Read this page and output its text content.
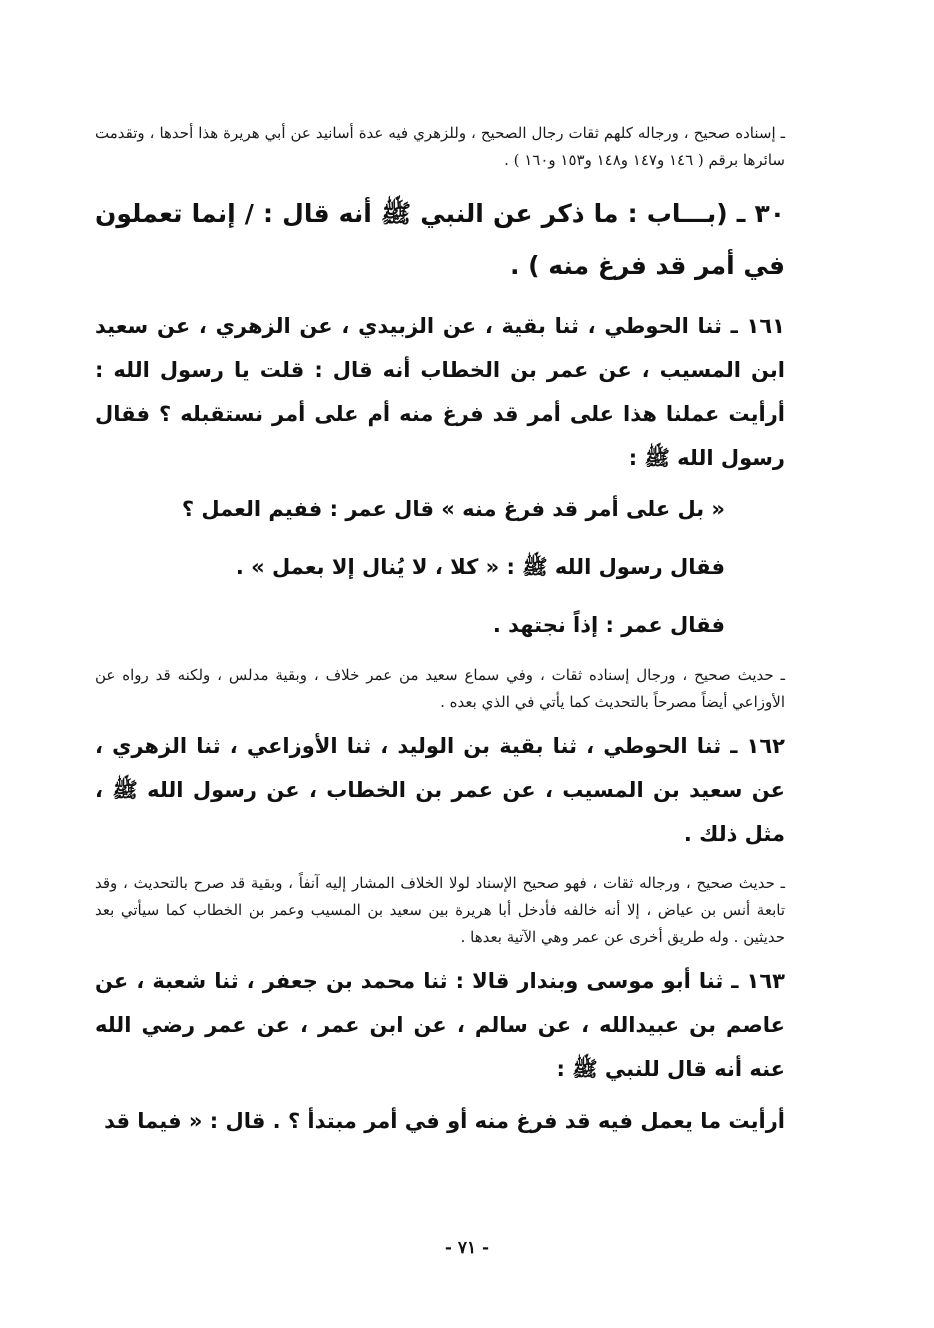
ـ إسناده صحيح ، ورجاله كلهم ثقات رجال الصحيح ، وللزهري فيه عدة أسانيد عن أبي هريرة هذا أحدها ، وتقدمت سائرها برقم ( ١٤٦ و١٤٧ و١٤٨ و١٥٣ و١٦٠ ) .

٣٠ ـ (بـــاب : ما ذكر عن النبي ﷺ أنه قال : / إنما تعملون في أمر قد فرغ منه ) .

١٦١ ـ ثنا الحوطي ، ثنا بقية ، عن الزبيدي ، عن الزهري ، عن سعيد ابن المسيب ، عن عمر بن الخطاب أنه قال : قلت يا رسول الله : أرأيت عملنا هذا على أمر قد فرغ منه أم على أمر نستقبله ؟ فقال رسول الله ﷺ :

« بل على أمر قد فرغ منه » قال عمر : ففيم العمل ؟

فقال رسول الله ﷺ : « كلا ، لا يُنال إلا بعمل » .

فقال عمر : إذاً نجتهد .

ـ حديث صحيح ، ورجال إسناده ثقات ، وفي سماع سعيد من عمر خلاف ، وبقية مدلس ، ولكنه قد رواه عن الأوزاعي أيضاً مصرحاً بالتحديث كما يأتي في الذي بعده .

١٦٢ ـ ثنا الحوطي ، ثنا بقية بن الوليد ، ثنا الأوزاعي ، ثنا الزهري ، عن سعيد بن المسيب ، عن عمر بن الخطاب ، عن رسول الله ﷺ ، مثل ذلك .

ـ حديث صحيح ، ورجاله ثقات ، فهو صحيح الإسناد لولا الخلاف المشار إليه آنفاً ، وبقية قد صرح بالتحديث ، وقد تابعة أنس بن عياض ، إلا أنه خالفه فأدخل أبا هريرة بين سعيد بن المسيب وعمر بن الخطاب كما سيأتي بعد حديثين . وله طريق أخرى عن عمر وهي الآتية بعدها .

١٦٣ ـ ثنا أبو موسى وبندار قالا : ثنا محمد بن جعفر ، ثنا شعبة ، عن عاصم بن عبيدالله ، عن سالم ، عن ابن عمر ، عن عمر رضي الله عنه أنه قال للنبي ﷺ :

أرأيت ما يعمل فيه قد فرغ منه أو في أمر مبتدأ ؟ . قال : « فيما قد

- ٧١ -
